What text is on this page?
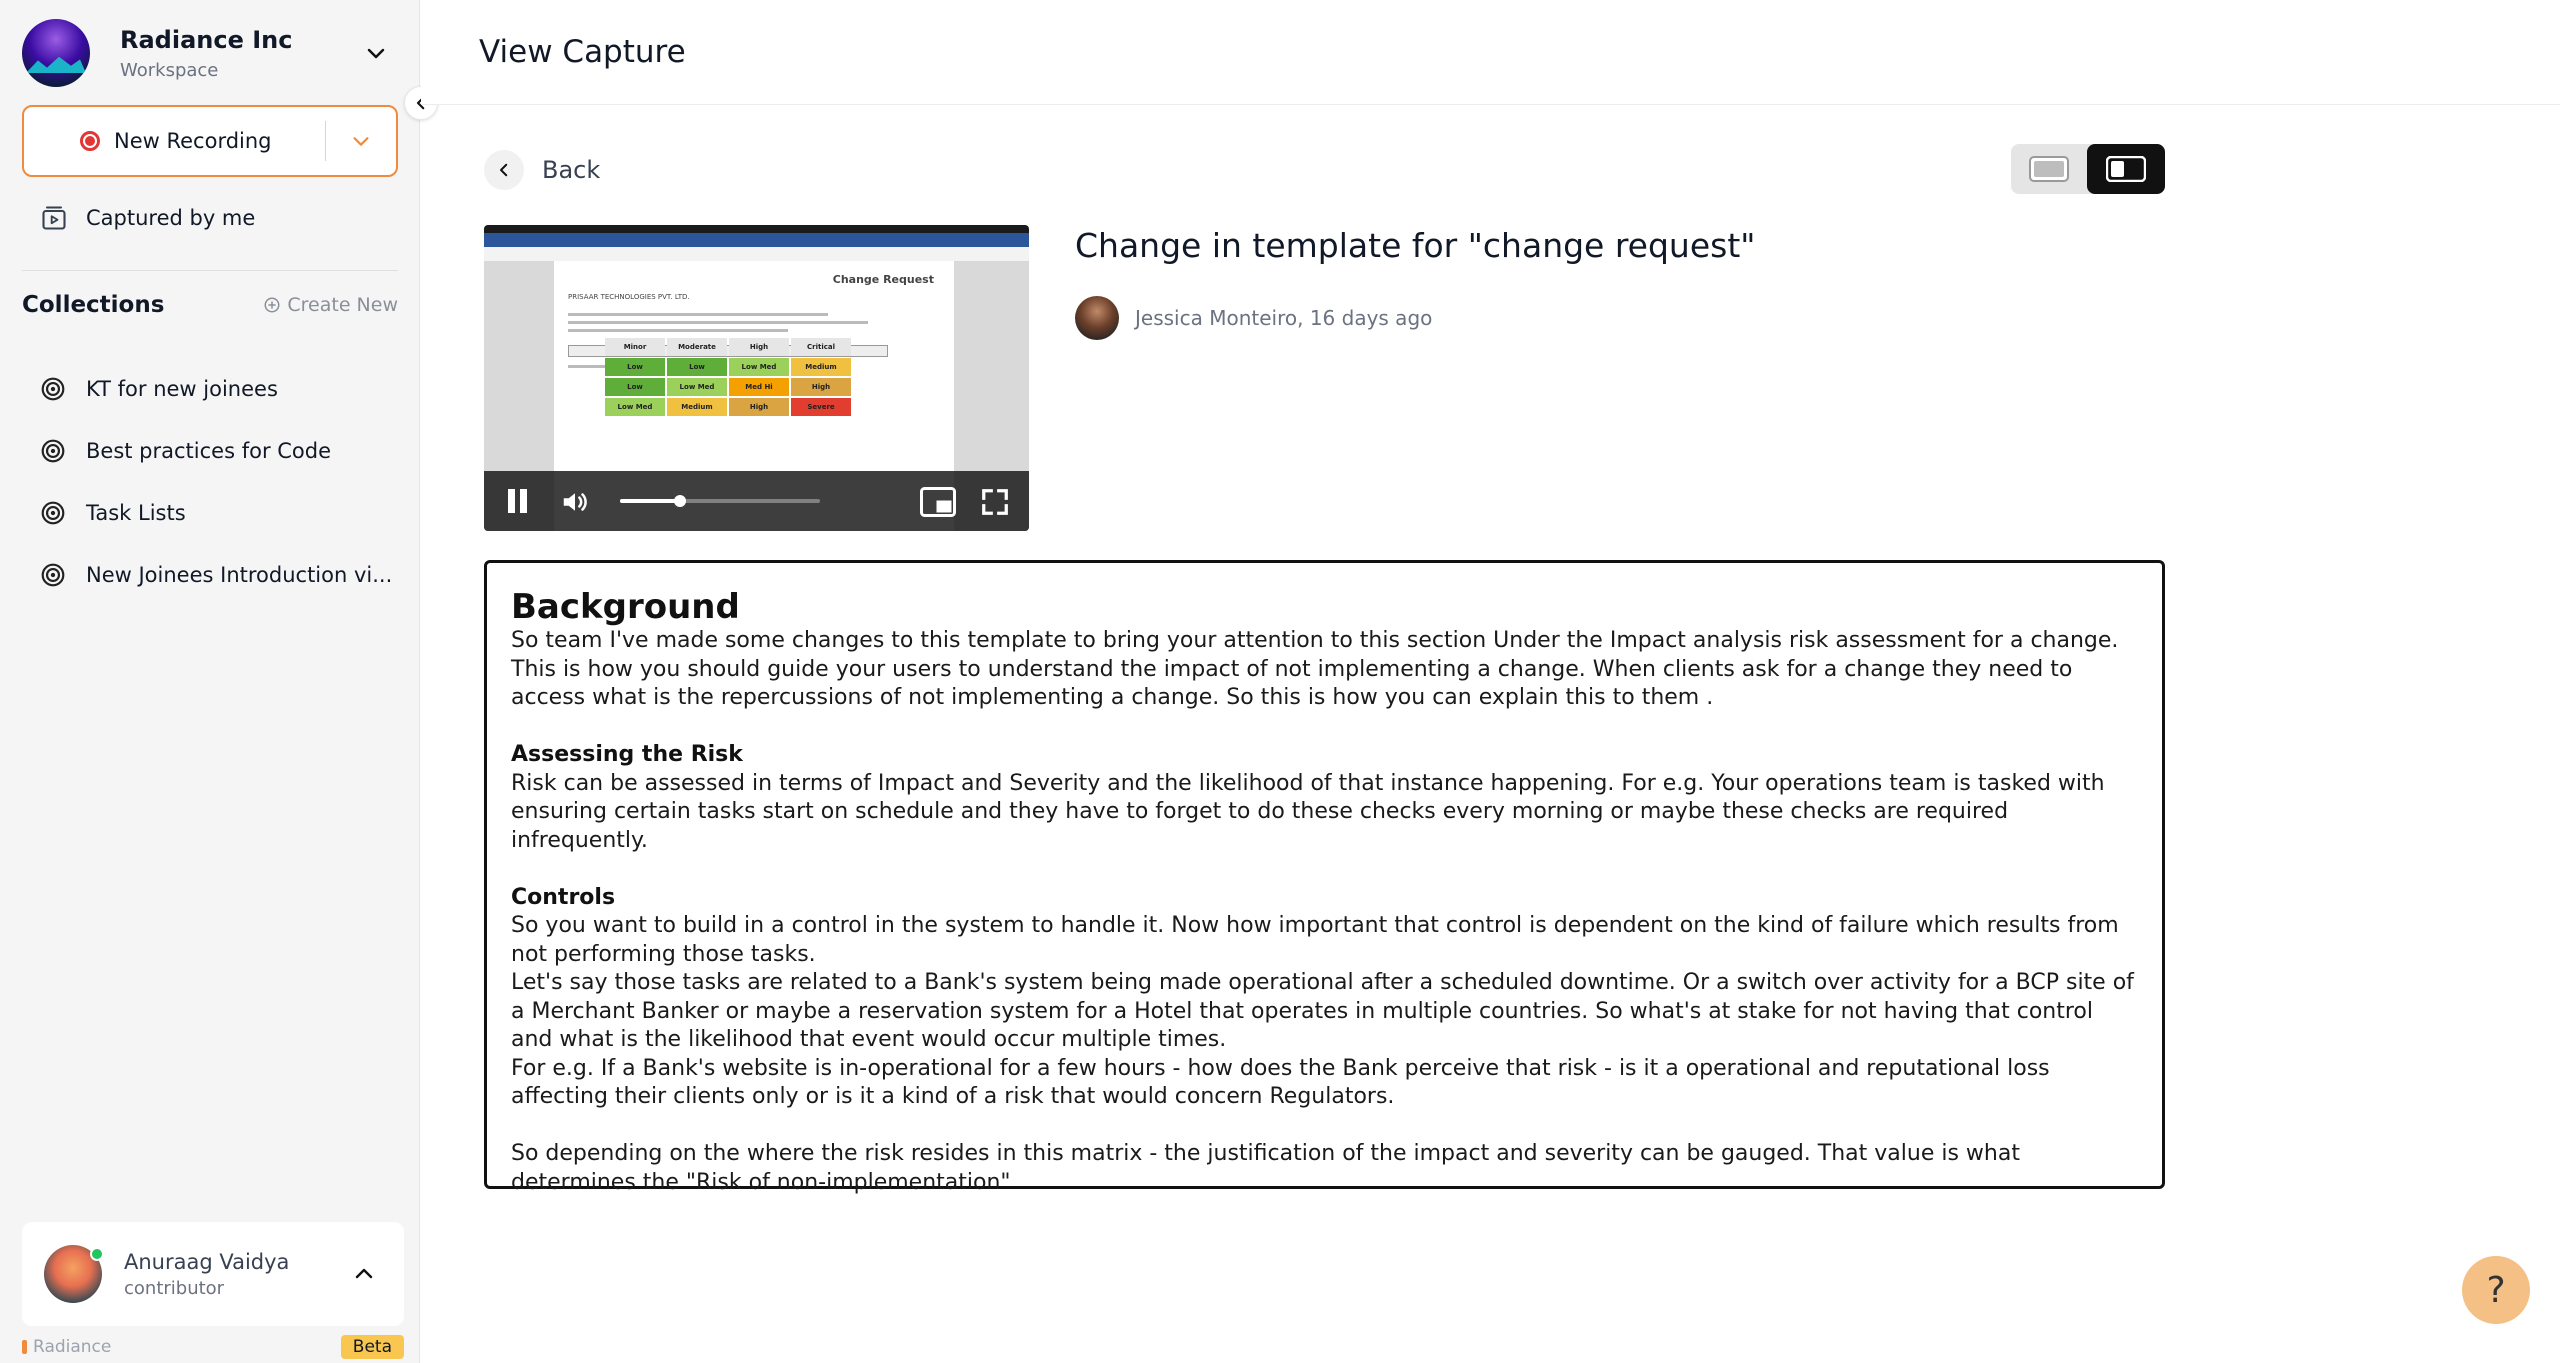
Radiance Inc
Workspace
New Recording
Captured by me
Collections	Create New
KT for new joinees
Best practices for Code
Task Lists
New Joinees Introduction vi...
Anuraag Vaidya
contributor
Radiance	Beta
View Capture
Back
Change Request
PRISAAR TECHNOLOGIES PVT. LTD.
Minor	Moderate	High	Critical
Low	Low	Low Med	Medium
Low	Low Med	Med Hi	High
Low Med	Medium	High	Severe
Change in template for "change request"
Jessica Monteiro, 16 days ago
Background

So team I've made some changes to this template to bring your attention to this section Under the Impact analysis risk assessment for a change. This is how you should guide your users to understand the impact of not implementing a change. When clients ask for a change they need to access what is the repercussions of not implementing a change. So this is how you can explain this to them .

Assessing the Risk

Risk can be assessed in terms of Impact and Severity and the likelihood of that instance happening. For e.g. Your operations team is tasked with ensuring certain tasks start on schedule and they have to forget to do these checks every morning or maybe these checks are required infrequently.

Controls

So you want to build in a control in the system to handle it. Now how important that control is dependent on the kind of failure which results from not performing those tasks.

Let's say those tasks are related to a Bank's system being made operational after a scheduled downtime. Or a switch over activity for a BCP site of a Merchant Banker or maybe a reservation system for a Hotel that operates in multiple countries. So what's at stake for not having that control and what is the likelihood that event would occur multiple times.

For e.g. If a Bank's website is in-operational for a few hours - how does the Bank perceive that risk - is it a operational and reputational loss affecting their clients only or is it a kind of a risk that would concern Regulators.

So depending on the where the risk resides in this matrix - the justification of the impact and severity can be gauged. That value is what determines the "Risk of non-implementation"

?
